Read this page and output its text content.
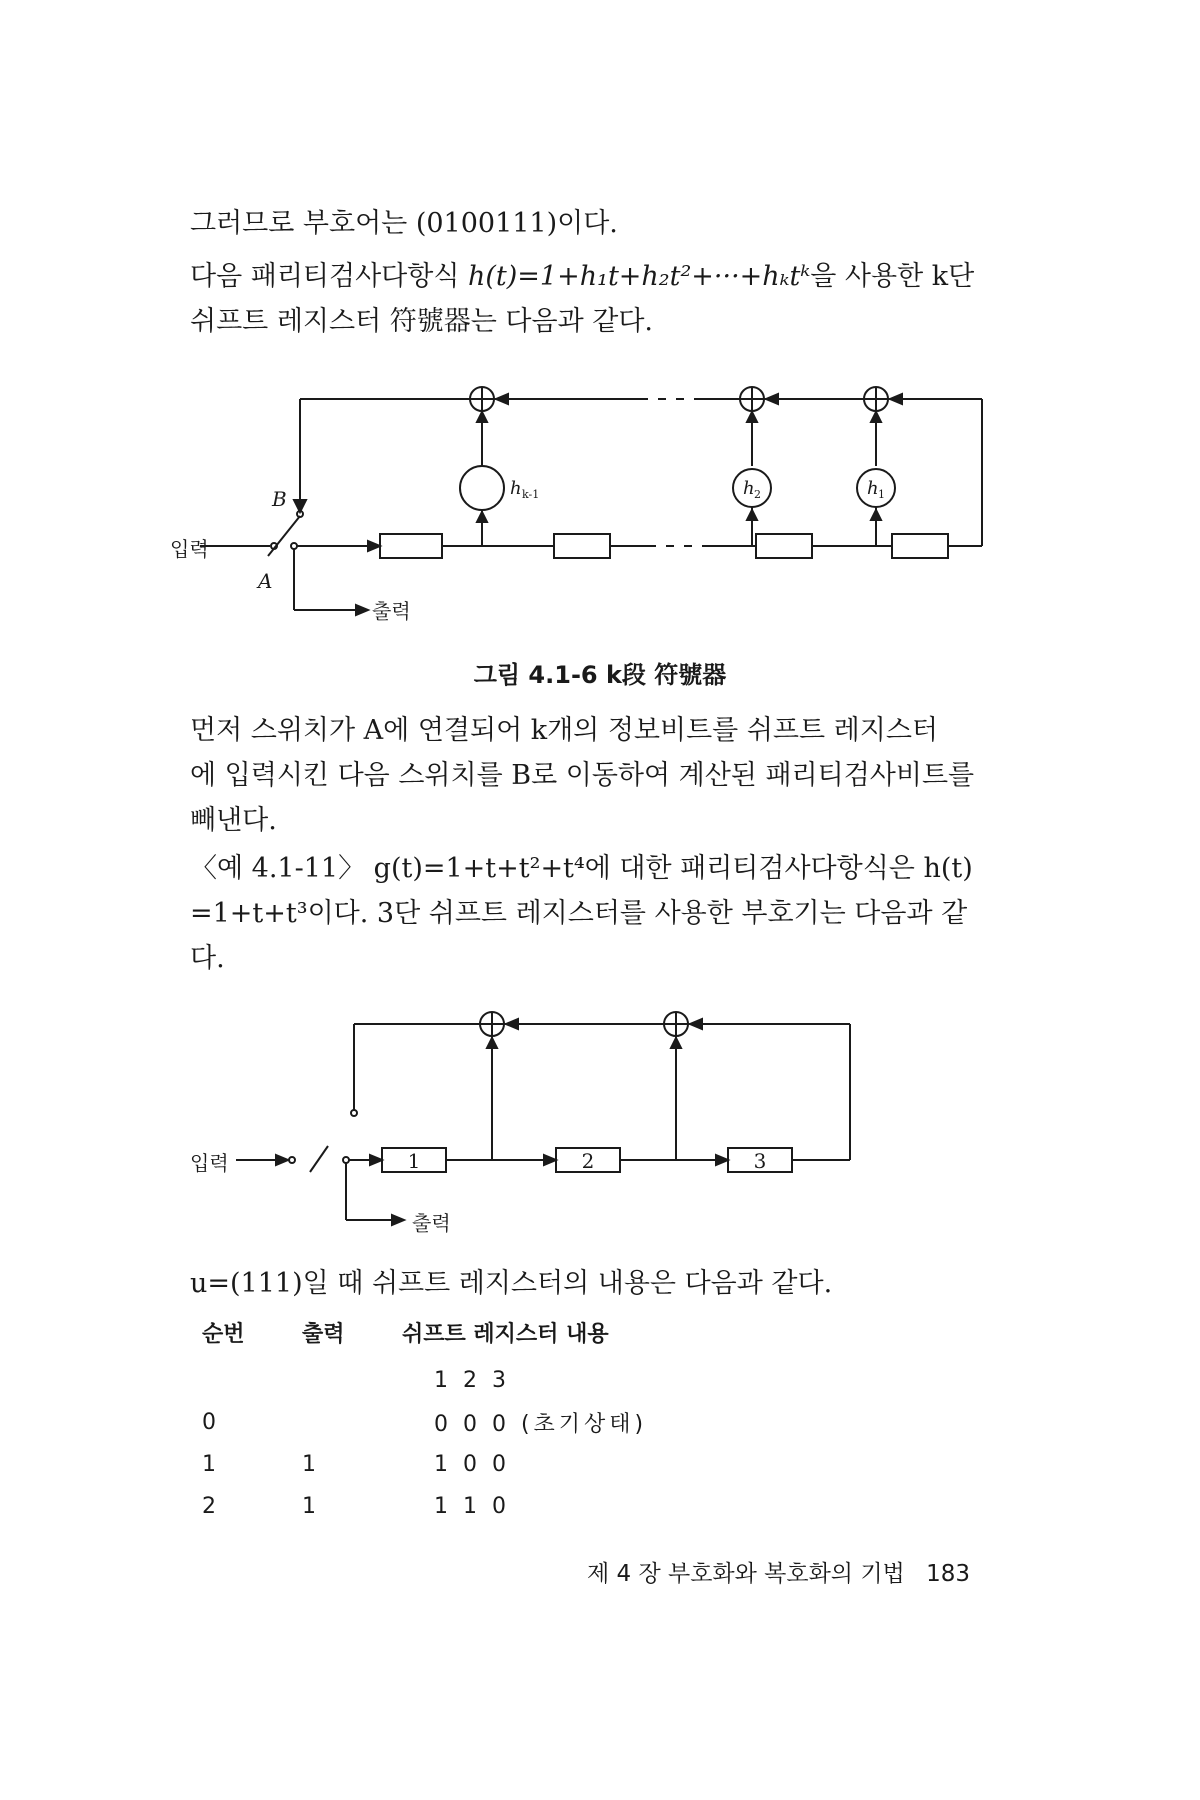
그러므로 부호어는 (0100111)이다.
다음 패리티검사다항식 h(t)=1+h₁t+h₂t²+···+hₖtᵏ을 사용한 k단
쉬프트 레지스터 符號器는 다음과 같다.
입력
A
B
출력
h k-1	h 2	h 1
그림 4.1-6 k段 符號器
먼저 스위치가 A에 연결되어 k개의 정보비트를 쉬프트 레지스터
에 입력시킨 다음 스위치를 B로 이동하여 계산된 패리티검사비트를
빼낸다.
〈예 4.1-11〉 g(t)=1+t+t²+t⁴에 대한 패리티검사다항식은 h(t)
=1+t+t³이다. 3단 쉬프트 레지스터를 사용한 부호기는 다음과 같
다.
입력
출력
1	2	3
u=(111)일 때 쉬프트 레지스터의 내용은 다음과 같다.
순번	출력	쉬프트 레지스터 내용
		1 2 3
0		0 0 0 (초기상태)
1	1	1 0 0
2	1	1 1 0
제 4 장 부호화와 복호화의 기법 183
